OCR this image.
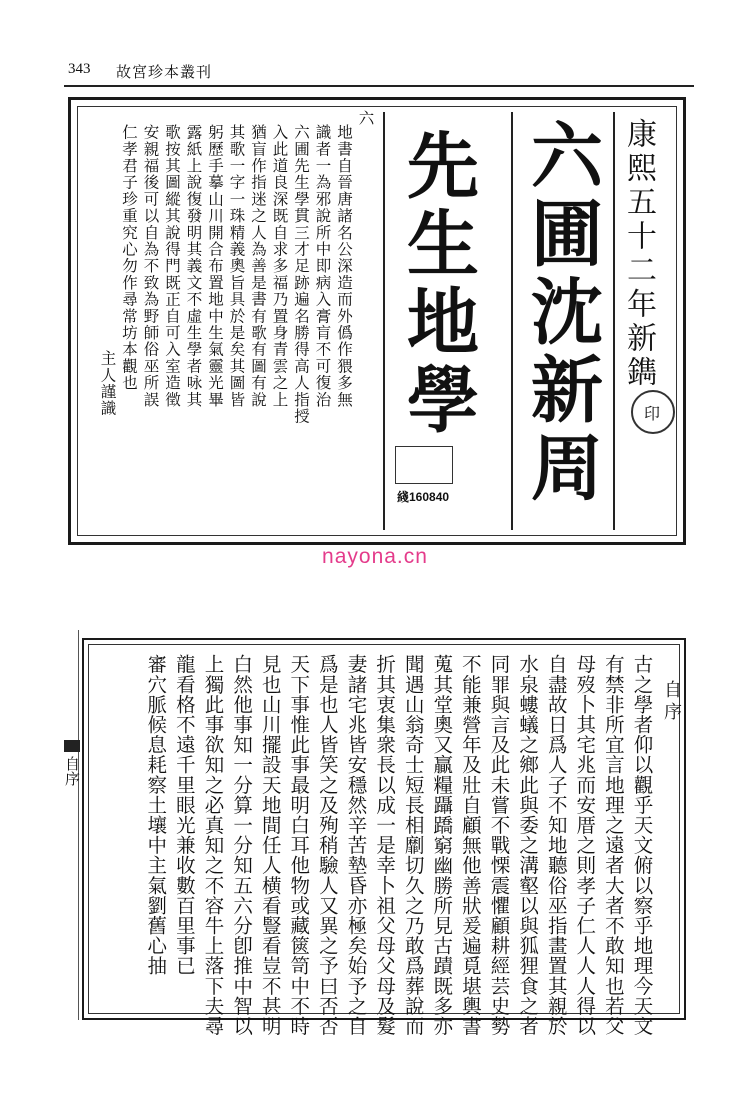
343 故宮珍本叢刊
六
地書自晉唐諸名公深造而外僞作猥多無
識者一為邪說所中即病入膏肓不可復治
六圃先生學貫三才足跡遍名勝得高人指授
入此道良深既自求多福乃置身青雲之上
猶盲作指迷之人為善是書有歌有圖有說
其歌一字一珠精義奧旨具於是矣其圖皆
躬歷手摹山川開合布置地中生氣靈光畢
露紙上說復發明其義文不虛生學者咏其
歌按其圖縱其說得門既正自可入室造徵
安親福後可以自為不致為野師俗巫所誤
仁孝君子珍重究心勿作尋常坊本觀也
主人謹識	先生地學 六圃沈新周 康熙五十二年新鐫
印
綫160840
nayona.cn
自序
自序
古之學者仰以觀乎天文俯以察乎地理今天文
有禁非所宜言地理之遠者大者不敢知也若父
母歿卜其宅兆而安厝之則孝子仁人人人得以
自盡故日爲人子不知地聽俗巫指畫置其親於
水泉螻蟻之鄉此與委之溝壑以與狐狸食之者
同罪與言及此未嘗不戰慄震懼顧耕經芸史勢
不能兼營年及壯自顧無他善狀爰遍覓堪輿書
蒐其堂奧又贏糧躡蹻窮幽勝所見古蹟既多亦
聞遇山翁奇士短長相劘切久之乃敢爲葬說而
折其衷集衆長以成一是幸卜祖父母父母及髮
妻諸宅兆皆安穩然辛苦墊昏亦極矣始予之自
爲是也人皆笑之及殉稍驗人又異之予曰否否
天下事惟此事最明白耳他物或藏篋笥中不時
見也山川擺設天地間任人横看豎看豈不甚明
白然他事知一分算一分知五六分卽推中智以
上獨此事欲知之必真知之不容牛上落下夫尋
龍看格不遠千里眼光兼收數百里事已
審穴脈候息耗察土壤中主氣劉舊心抽
